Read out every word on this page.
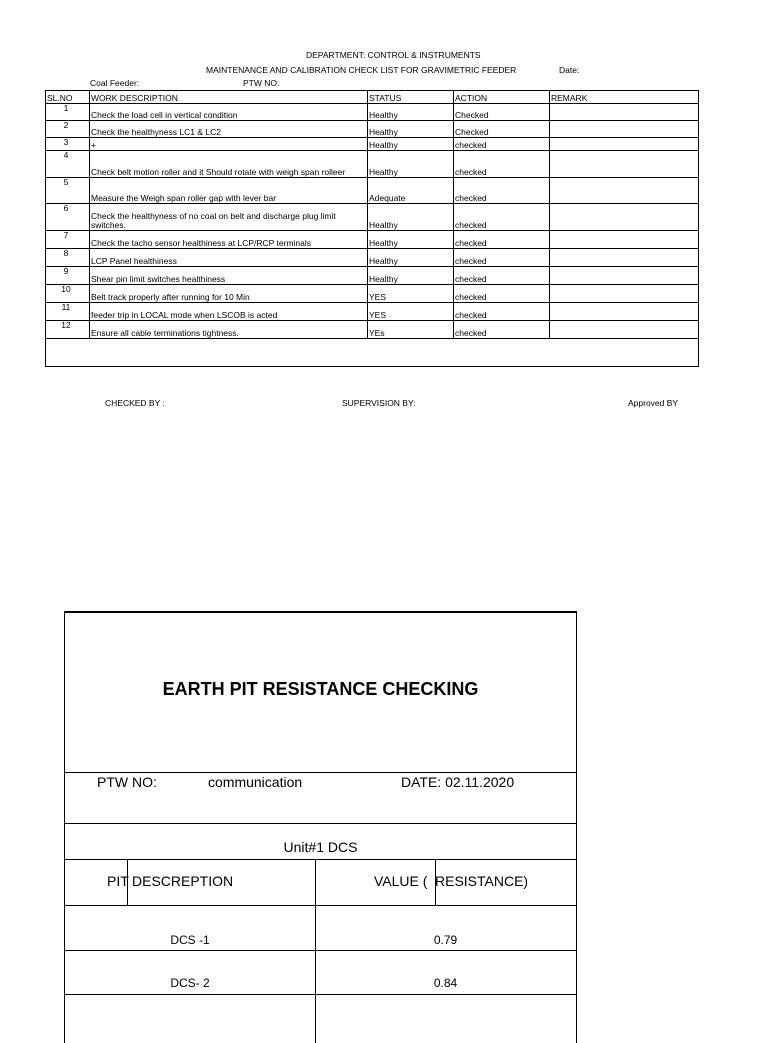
DEPARTMENT: CONTROL & INSTRUMENTS
MAINTENANCE AND CALIBRATION CHECK LIST FOR GRAVIMETRIC FEEDER	Date:
Coal Feeder:	PTW NO:
SL.NO	WORK DESCRIPTION	STATUS	ACTION	REMARK
1	Check the load cell in vertical condition	Healthy	Checked	
2	Check the healthyness LC1 & LC2	Healthy	Checked	
3	+	Healthy	checked	
4	Check belt motion roller and it Should rotate with weigh span rolleer	Healthy	checked	
5	Measure the Weigh span roller gap with lever bar	Adequate	checked	
6	Check the healthyness of no coal on belt and discharge plug limit switches.	Healthy	checked	
7	Check the tacho sensor healthiness at LCP/RCP terminals	Healthy	checked	
8	LCP Panel healthiness	Healthy	checked	
9	Shear pin limit switches healthiness	Healthy	checked	
10	Belt track properly after running for 10 Min	YES	checked	
11	feeder trip in LOCAL mode when LSCOB is acted	YES	checked	
12	Ensure all cable terminations tightness.	YEs	checked	

CHECKED BY :	SUPERVISION BY:	Approved BY
EARTH PIT RESISTANCE CHECKING
PTW NO:	communication	DATE: 02.11.2020
Unit#1 DCS
PIT DESCREPTION	VALUE ( RESISTANCE)
DCS -1	0.79
DCS- 2	0.84
